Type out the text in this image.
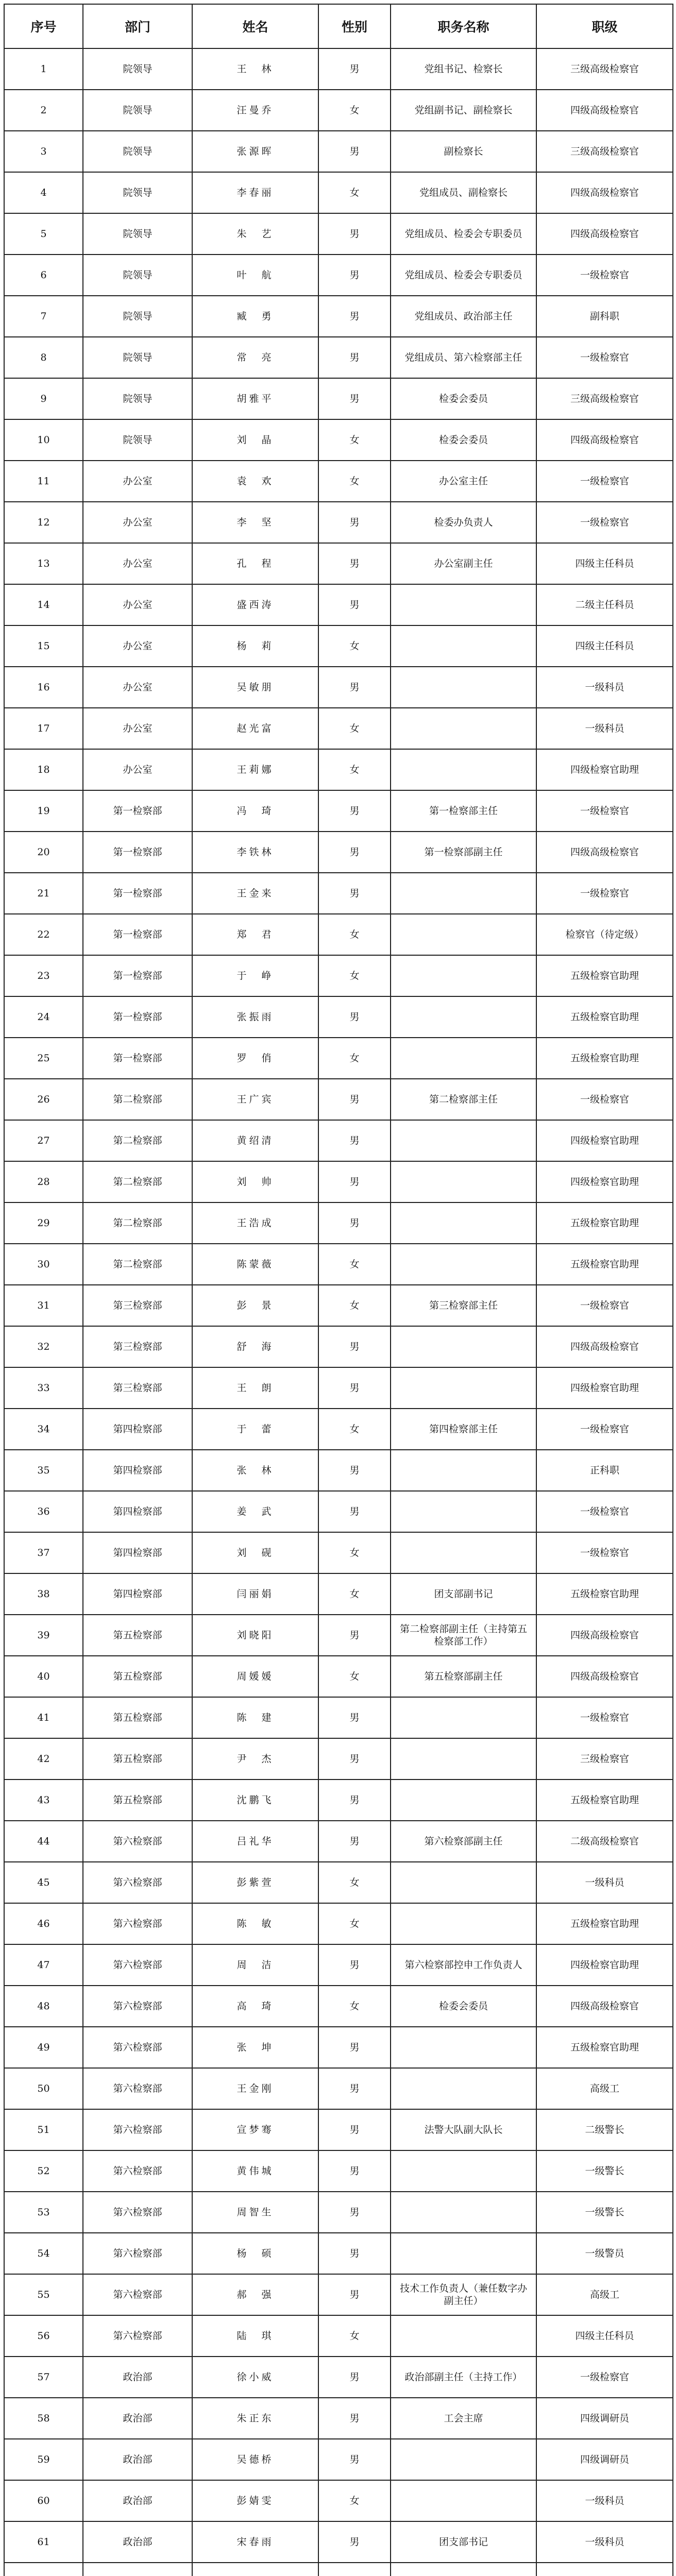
序号	部门	姓名	性别	职务名称	职级
1	院领导	王　林	男	党组书记、检察长	三级高级检察官
2	院领导	汪曼乔	女	党组副书记、副检察长	四级高级检察官
3	院领导	张源晖	男	副检察长	三级高级检察官
4	院领导	李春丽	女	党组成员、副检察长	四级高级检察官
5	院领导	朱　艺	男	党组成员、检委会专职委员	四级高级检察官
6	院领导	叶　航	男	党组成员、检委会专职委员	一级检察官
7	院领导	臧　勇	男	党组成员、政治部主任	副科职
8	院领导	常　亮	男	党组成员、第六检察部主任	一级检察官
9	院领导	胡雅平	男	检委会委员	三级高级检察官
10	院领导	刘　晶	女	检委会委员	四级高级检察官
11	办公室	袁　欢	女	办公室主任	一级检察官
12	办公室	李　坚	男	检委办负责人	一级检察官
13	办公室	孔　程	男	办公室副主任	四级主任科员
14	办公室	盛西涛	男		二级主任科员
15	办公室	杨　莉	女		四级主任科员
16	办公室	吴敏朋	男		一级科员
17	办公室	赵光富	女		一级科员
18	办公室	王莉娜	女		四级检察官助理
19	第一检察部	冯　琦	男	第一检察部主任	一级检察官
20	第一检察部	李铁林	男	第一检察部副主任	四级高级检察官
21	第一检察部	王金来	男		一级检察官
22	第一检察部	郑　君	女		检察官（待定级）
23	第一检察部	于　峥	女		五级检察官助理
24	第一检察部	张振雨	男		五级检察官助理
25	第一检察部	罗　俏	女		五级检察官助理
26	第二检察部	王广宾	男	第二检察部主任	一级检察官
27	第二检察部	黄绍清	男		四级检察官助理
28	第二检察部	刘　帅	男		四级检察官助理
29	第二检察部	王浩成	男		五级检察官助理
30	第二检察部	陈蒙薇	女		五级检察官助理
31	第三检察部	彭　景	女	第三检察部主任	一级检察官
32	第三检察部	舒　海	男		四级高级检察官
33	第三检察部	王　朗	男		四级检察官助理
34	第四检察部	于　蕾	女	第四检察部主任	一级检察官
35	第四检察部	张　林	男		正科职
36	第四检察部	姜　武	男		一级检察官
37	第四检察部	刘　砚	女		一级检察官
38	第四检察部	闫丽娟	女	团支部副书记	五级检察官助理
39	第五检察部	刘晓阳	男	第二检察部副主任（主持第五检察部工作）	四级高级检察官
40	第五检察部	周媛媛	女	第五检察部副主任	四级高级检察官
41	第五检察部	陈　建	男		一级检察官
42	第五检察部	尹　杰	男		三级检察官
43	第五检察部	沈鹏飞	男		五级检察官助理
44	第六检察部	吕礼华	男	第六检察部副主任	二级高级检察官
45	第六检察部	彭紫萱	女		一级科员
46	第六检察部	陈　敏	女		五级检察官助理
47	第六检察部	周　洁	男	第六检察部控申工作负责人	四级检察官助理
48	第六检察部	高　琦	女	检委会委员	四级高级检察官
49	第六检察部	张　坤	男		五级检察官助理
50	第六检察部	王金刚	男		高级工
51	第六检察部	宣梦骞	男	法警大队副大队长	二级警长
52	第六检察部	黄伟城	男		一级警长
53	第六检察部	周智生	男		一级警长
54	第六检察部	杨　硕	男		一级警员
55	第六检察部	郝　强	男	技术工作负责人（兼任数字办副主任）	高级工
56	第六检察部	陆　琪	女		四级主任科员
57	政治部	徐小威	男	政治部副主任（主持工作）	一级检察官
58	政治部	朱正东	男	工会主席	四级调研员
59	政治部	吴德桥	男		四级调研员
60	政治部	彭婧雯	女		一级科员
61	政治部	宋春雨	男	团支部书记	一级科员
